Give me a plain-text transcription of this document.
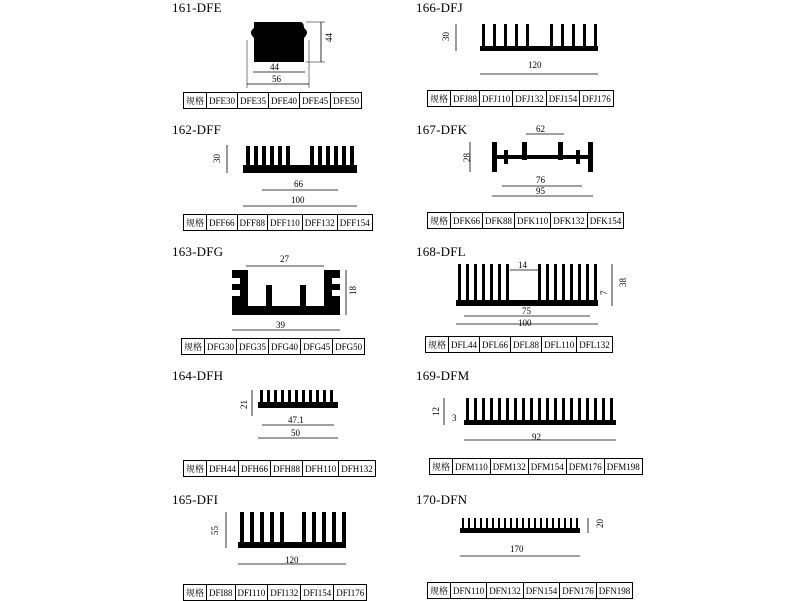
161-DFE
44
44
56
规格	DFE30	DFE35	DFE40	DFE45	DFE50
162-DFF
30
66
100
规格	DFF66	DFF88	DFF110	DFF132	DFF154
163-DFG	27
18
39
规格	DFG30	DFG35	DFG40	DFG45	DFG50
164-DFH
21
47.1
50
规格	DFH44	DFH66	DFH88	DFH110	DFH132
165-DFI
55
120
规格	DFI88	DFI110	DFI132	DFI154	DFI176
166-DFJ
30
120
规格	DFJ88	DFJ110	DFJ132	DFJ154	DFJ176
167-DFK	62
28
76
95
规格	DFK66	DFK88	DFK110	DFK132	DFK154
168-DFL
14
38
7
75
100
规格	DFL44	DFL66	DFL88	DFL110	DFL132
169-DFM
12
3
92
规格	DFM110	DFM132	DFM154	DFM176	DFM198
170-DFN
20
170
规格	DFN110	DFN132	DFN154	DFN176	DFN198
